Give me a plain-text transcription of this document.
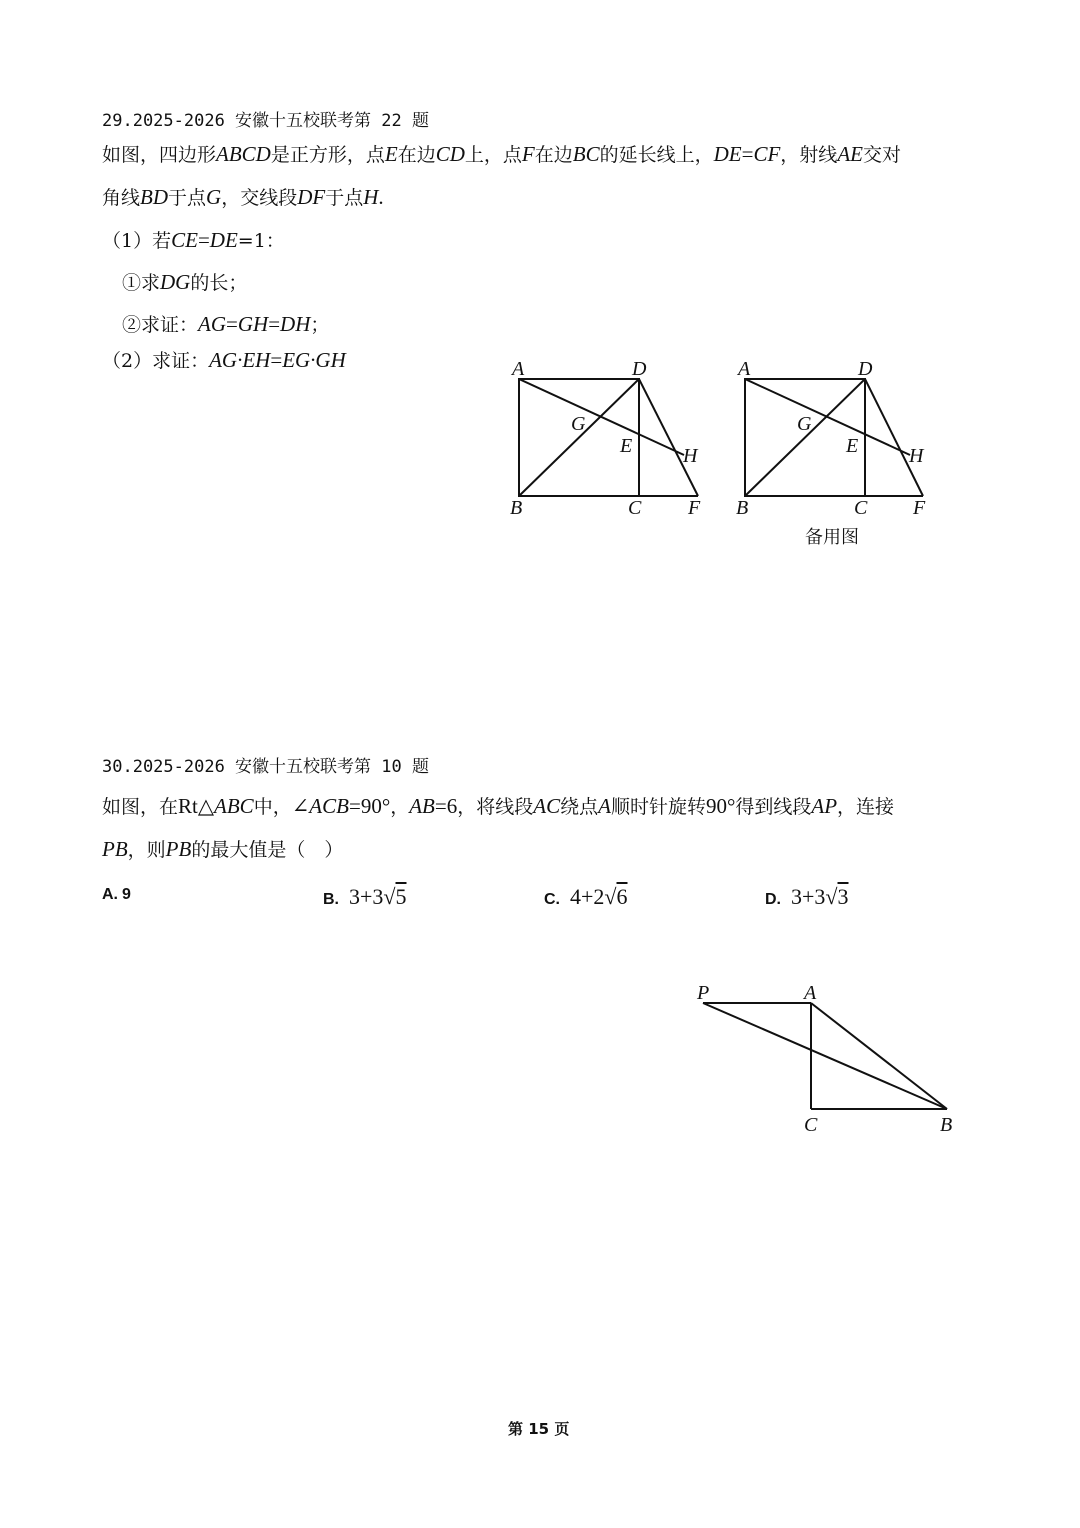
29.2025-2026 安徽十五校联考第 22 题
如图，四边形ABCD是正方形，点E在边CD上，点F在边BC的延长线上，DE=CF，射线AE交对
角线BD于点G，交线段DF于点H.
（1）若CE=DE=1：
①求DG的长；
②求证：AG=GH=DH；
（2）求证：AG·EH=EG·GH	A	D
G
E	H
B	C F
A	D
G
E	H
B	C F
备用图
30.2025-2026 安徽十五校联考第 10 题
如图，在Rt△ABC中，∠ACB=90°，AB=6，将线段AC绕点A顺时针旋转90°得到线段AP，连接
PB，则PB的最大值是（　）
A. 9	B. 3+3√5	C. 4+2√6	D. 3+3√3
P	A
C	B
第 15 页
